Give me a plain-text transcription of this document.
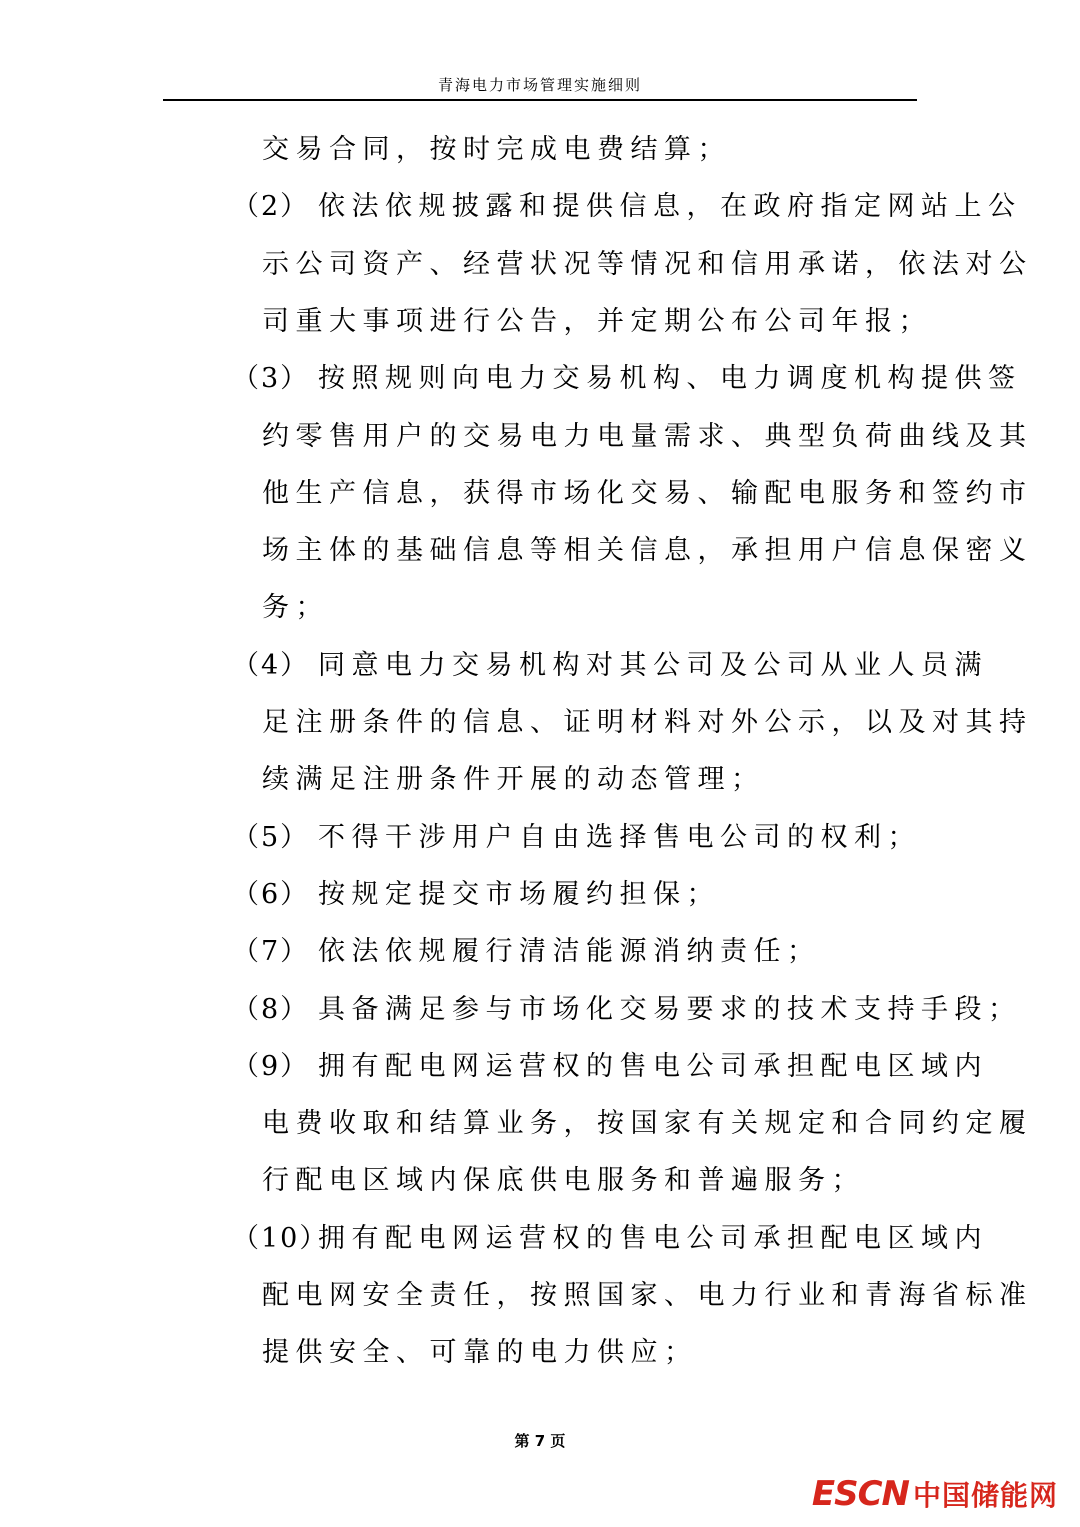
青海电力市场管理实施细则
交易合同，按时完成电费结算；
（2） 依法依规披露和提供信息，在政府指定网站上公
示公司资产、经营状况等情况和信用承诺，依法对公
司重大事项进行公告，并定期公布公司年报；
（3） 按照规则向电力交易机构、电力调度机构提供签
约零售用户的交易电力电量需求、典型负荷曲线及其
他生产信息，获得市场化交易、输配电服务和签约市
场主体的基础信息等相关信息，承担用户信息保密义
务；
（4） 同意电力交易机构对其公司及公司从业人员满
足注册条件的信息、证明材料对外公示，以及对其持
续满足注册条件开展的动态管理；
（5） 不得干涉用户自由选择售电公司的权利；
（6） 按规定提交市场履约担保；
（7） 依法依规履行清洁能源消纳责任；
（8） 具备满足参与市场化交易要求的技术支持手段；
（9） 拥有配电网运营权的售电公司承担配电区域内
电费收取和结算业务，按国家有关规定和合同约定履
行配电区域内保底供电服务和普遍服务；
（10）拥有配电网运营权的售电公司承担配电区域内
配电网安全责任，按照国家、电力行业和青海省标准
提供安全、可靠的电力供应；
第 7 页
ESCN 中国储能网
